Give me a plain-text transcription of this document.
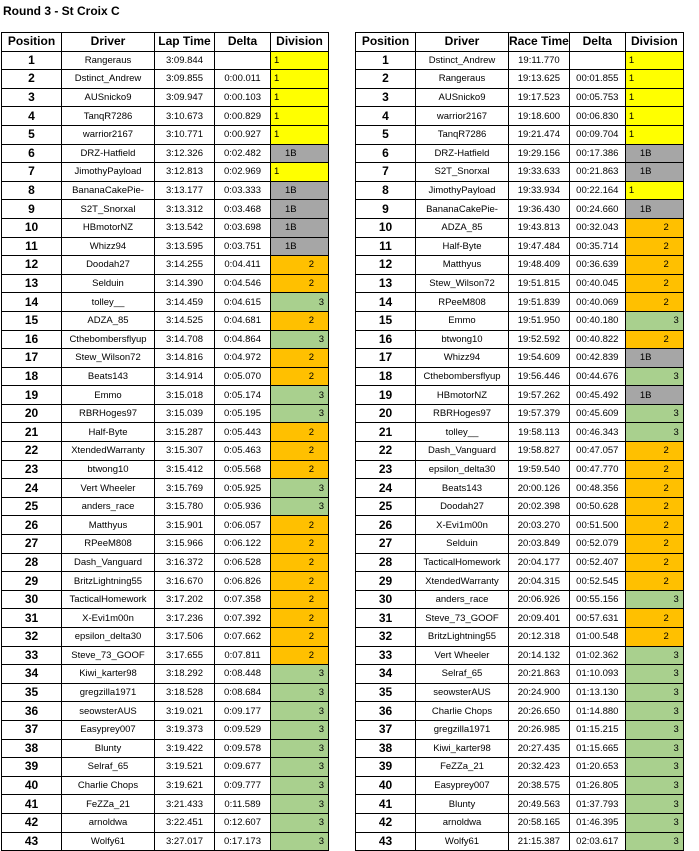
Round 3 - St Croix C
Position	Driver	Lap Time	Delta	Division
1	Rangeraus	3:09.844		1
2	Dstinct_Andrew	3:09.855	0:00.011	1
3	AUSnicko9	3:09.947	0:00.103	1
4	TanqR7286	3:10.673	0:00.829	1
5	warrior2167	3:10.771	0:00.927	1
6	DRZ-Hatfield	3:12.326	0:02.482	1B
7	JimothyPayload	3:12.813	0:02.969	1
8	BananaCakePie-	3:13.177	0:03.333	1B
9	S2T_Snorxal	3:13.312	0:03.468	1B
10	HBmotorNZ	3:13.542	0:03.698	1B
11	Whizz94	3:13.595	0:03.751	1B
12	Doodah27	3:14.255	0:04.411	2
13	Selduin	3:14.390	0:04.546	2
14	tolley__	3:14.459	0:04.615	3
15	ADZA_85	3:14.525	0:04.681	2
16	Cthebombersflyup	3:14.708	0:04.864	3
17	Stew_Wilson72	3:14.816	0:04.972	2
18	Beats143	3:14.914	0:05.070	2
19	Emmo	3:15.018	0:05.174	3
20	RBRHoges97	3:15.039	0:05.195	3
21	Half-Byte	3:15.287	0:05.443	2
22	XtendedWarranty	3:15.307	0:05.463	2
23	btwong10	3:15.412	0:05.568	2
24	Vert Wheeler	3:15.769	0:05.925	3
25	anders_race	3:15.780	0:05.936	3
26	Matthyus	3:15.901	0:06.057	2
27	RPeeM808	3:15.966	0:06.122	2
28	Dash_Vanguard	3:16.372	0:06.528	2
29	BritzLightning55	3:16.670	0:06.826	2
30	TacticalHomework	3:17.202	0:07.358	2
31	X-Evi1m00n	3:17.236	0:07.392	2
32	epsilon_delta30	3:17.506	0:07.662	2
33	Steve_73_GOOF	3:17.655	0:07.811	2
34	Kiwi_karter98	3:18.292	0:08.448	3
35	gregzilla1971	3:18.528	0:08.684	3
36	seowsterAUS	3:19.021	0:09.177	3
37	Easyprey007	3:19.373	0:09.529	3
38	Blunty	3:19.422	0:09.578	3
39	Selraf_65	3:19.521	0:09.677	3
40	Charlie Chops	3:19.621	0:09.777	3
41	FeZZa_21	3:21.433	0:11.589	3
42	arnoldwa	3:22.451	0:12.607	3
43	Wolfy61	3:27.017	0:17.173	3
Position	Driver	Race Time	Delta	Division
1	Dstinct_Andrew	19:11.770		1
2	Rangeraus	19:13.625	00:01.855	1
3	AUSnicko9	19:17.523	00:05.753	1
4	warrior2167	19:18.600	00:06.830	1
5	TanqR7286	19:21.474	00:09.704	1
6	DRZ-Hatfield	19:29.156	00:17.386	1B
7	S2T_Snorxal	19:33.633	00:21.863	1B
8	JimothyPayload	19:33.934	00:22.164	1
9	BananaCakePie-	19:36.430	00:24.660	1B
10	ADZA_85	19:43.813	00:32.043	2
11	Half-Byte	19:47.484	00:35.714	2
12	Matthyus	19:48.409	00:36.639	2
13	Stew_Wilson72	19:51.815	00:40.045	2
14	RPeeM808	19:51.839	00:40.069	2
15	Emmo	19:51.950	00:40.180	3
16	btwong10	19:52.592	00:40.822	2
17	Whizz94	19:54.609	00:42.839	1B
18	Cthebombersflyup	19:56.446	00:44.676	3
19	HBmotorNZ	19:57.262	00:45.492	1B
20	RBRHoges97	19:57.379	00:45.609	3
21	tolley__	19:58.113	00:46.343	3
22	Dash_Vanguard	19:58.827	00:47.057	2
23	epsilon_delta30	19:59.540	00:47.770	2
24	Beats143	20:00.126	00:48.356	2
25	Doodah27	20:02.398	00:50.628	2
26	X-Evi1m00n	20:03.270	00:51.500	2
27	Selduin	20:03.849	00:52.079	2
28	TacticalHomework	20:04.177	00:52.407	2
29	XtendedWarranty	20:04.315	00:52.545	2
30	anders_race	20:06.926	00:55.156	3
31	Steve_73_GOOF	20:09.401	00:57.631	2
32	BritzLightning55	20:12.318	01:00.548	2
33	Vert Wheeler	20:14.132	01:02.362	3
34	Selraf_65	20:21.863	01:10.093	3
35	seowsterAUS	20:24.900	01:13.130	3
36	Charlie Chops	20:26.650	01:14.880	3
37	gregzilla1971	20:26.985	01:15.215	3
38	Kiwi_karter98	20:27.435	01:15.665	3
39	FeZZa_21	20:32.423	01:20.653	3
40	Easyprey007	20:38.575	01:26.805	3
41	Blunty	20:49.563	01:37.793	3
42	arnoldwa	20:58.165	01:46.395	3
43	Wolfy61	21:15.387	02:03.617	3
